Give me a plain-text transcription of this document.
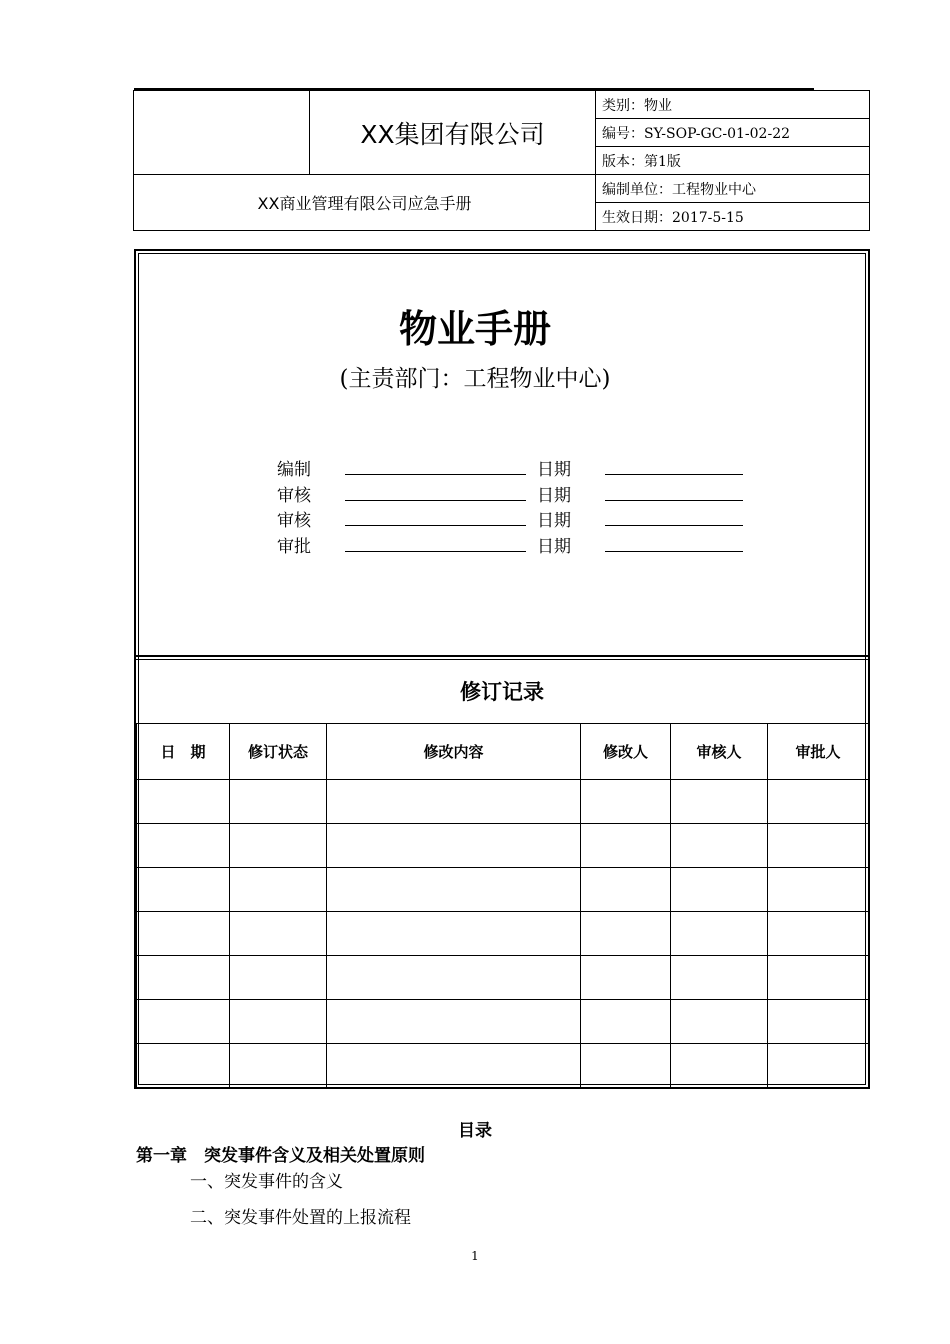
	XX集团有限公司	类别：物业
		编号：SY-SOP-GC-01-02-22
		版本：第1版
XX商业管理有限公司应急手册		编制单位：工程物业中心
		生效日期：2017-5-15
物业手册
(主责部门：工程物业中心)
编制	日期
审核	日期
审核	日期
审批	日期
修订记录
日　期	修订状态	修改内容	修改人	审核人	审批人

目录
第一章　突发事件含义及相关处置原则
一、突发事件的含义
二、突发事件处置的上报流程
1
